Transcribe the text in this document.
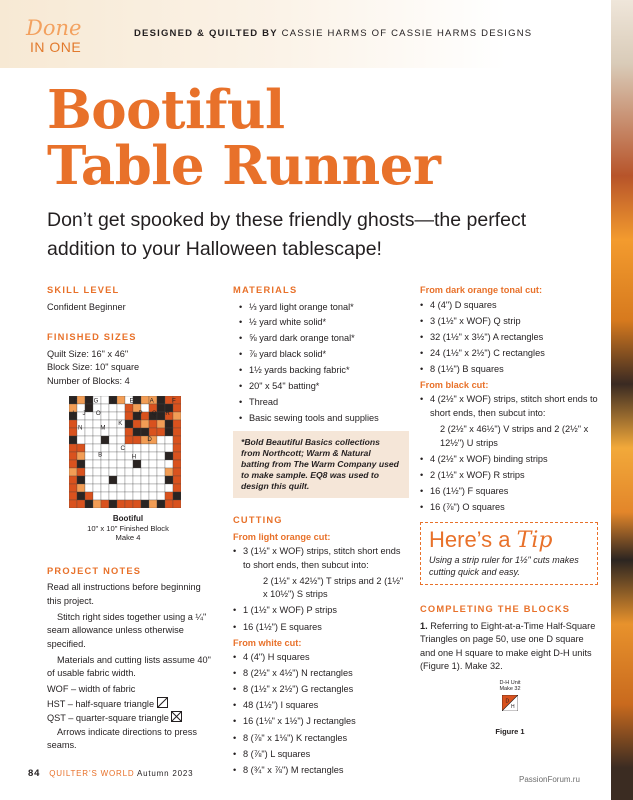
Done
IN ONE
DESIGNED & QUILTED BY CASSIE HARMS OF CASSIE HARMS DESIGNS
Bootiful
Table Runner
Don’t get spooked by these friendly ghosts—the perfect addition to your Halloween tablescape!
SKILL LEVEL

Confident Beginner

FINISHED SIZES

Quilt Size: 16" x 46"

Block Size: 10" square

Number of Blocks: 4

F	G L	E	A	F
I J O	P Q R
N	M
K
C
H
D
B
Bootiful
10" x 10" Finished Block
Make 4
PROJECT NOTES

Read all instructions before beginning this project.

Stitch right sides together using a ¼" seam allowance unless otherwise specified.

Materials and cutting lists assume 40" of usable fabric width.

WOF – width of fabric

HST – half-square triangle

QST – quarter-square triangle

Arrows indicate directions to press seams.

MATERIALS
• ⅓ yard light orange tonal*
• ½ yard white solid*
• ⅝ yard dark orange tonal*
• ⅞ yard black solid*
• 1½ yards backing fabric*
• 20" x 54" batting*
• Thread
• Basic sewing tools and supplies
*Bold Beautiful Basics collections from Northcott; Warm & Natural batting from The Warm Company used to make sample. EQ8 was used to design this quilt.
CUTTING
From light orange cut:
• 3 (1½" x WOF) strips, stitch short ends to short ends, then subcut into:

2 (1½" x 42½") T strips and 2 (1½" x 10½") S strips

• 1 (1½" x WOF) P strips
• 16 (1½") E squares
From white cut:
• 4 (4") H squares
• 8 (2½" x 4½") N rectangles
• 8 (1½" x 2½") G rectangles
• 48 (1½") I squares
• 16 (1⅛" x 1½") J rectangles
• 8 (⅞" x 1⅛") K rectangles
• 8 (⅞") L squares
• 8 (¾" x ⅞") M rectangles
From dark orange tonal cut:
• 4 (4") D squares
• 3 (1½" x WOF) Q strip
• 32 (1½" x 3½") A rectangles
• 24 (1½" x 2½") C rectangles
• 8 (1½") B squares
From black cut:
• 4 (2½" x WOF) strips, stitch short ends to short ends, then subcut into:

2 (2½" x 46½") V strips and 2 (2½" x 12½") U strips

• 4 (2½" x WOF) binding strips
• 2 (1½" x WOF) R strips
• 16 (1½") F squares
• 16 (⅞") O squares
Here’s a Tip
Using a strip ruler for 1½" cuts makes cutting quick and easy.
COMPLETING THE BLOCKS

1. Referring to Eight-at-a-Time Half-Square Triangles on page 50, use one D square and one H square to make eight D-H units (Figure 1). Make 32.

D-H Unit
Make 32
D
H
Figure 1
84 QUILTER’S WORLD Autumn 2023
PassionForum.ru
